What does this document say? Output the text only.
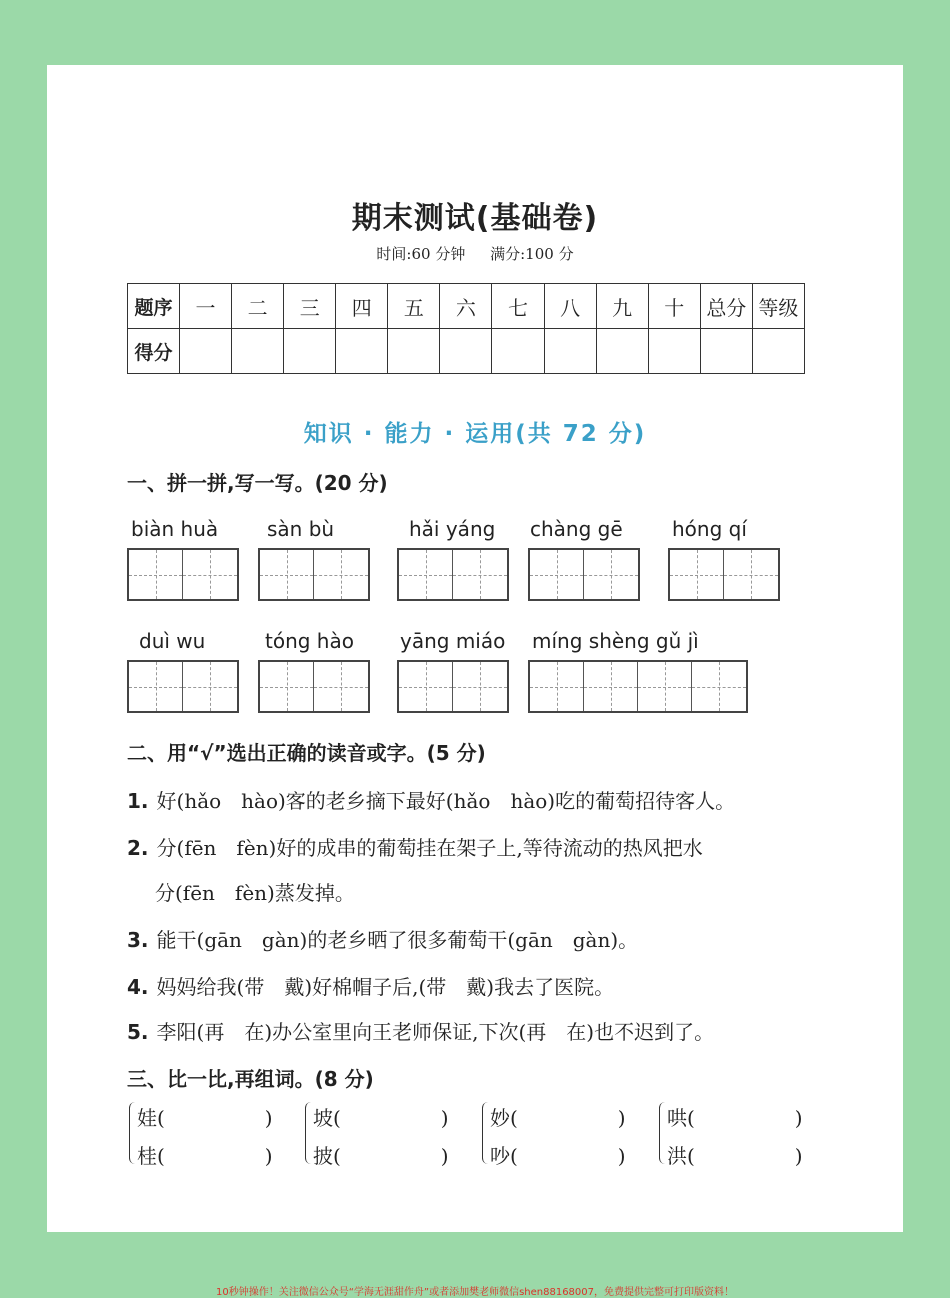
期末测试(基础卷)
时间:60 分钟 满分:100 分
题序	一	二	三	四	五	六	七	八	九	十	总分	等级
得分												
知识 · 能力 · 运用(共 72 分)
一、拼一拼,写一写。(20 分)
biàn huà sàn bù	hǎi yáng chàng gē hóng qí
duì wu	tóng hào yāng miáo míng shèng gǔ jì
二、用“√”选出正确的读音或字。(5 分)
1. 好(hǎo　hào)客的老乡摘下最好(hǎo　hào)吃的葡萄招待客人。
2. 分(fēn　fèn)好的成串的葡萄挂在架子上,等待流动的热风把水
分(fēn　fèn)蒸发掉。
3. 能干(gān　gàn)的老乡晒了很多葡萄干(gān　gàn)。
4. 妈妈给我(带　戴)好棉帽子后,(带　戴)我去了医院。
5. 李阳(再　在)办公室里向王老师保证,下次(再　在)也不迟到了。
三、比一比,再组词。(8 分)
娃(　　　　　)
桂(　　　　　)
坡(　　　　　)
披(　　　　　)
妙(　　　　　)
吵(　　　　　)
哄(　　　　　)
洪(　　　　　)
10秒钟操作！关注微信公众号“学海无涯甜作舟”或者添加樊老师微信shen88168007，免费提供完整可打印版资料！
